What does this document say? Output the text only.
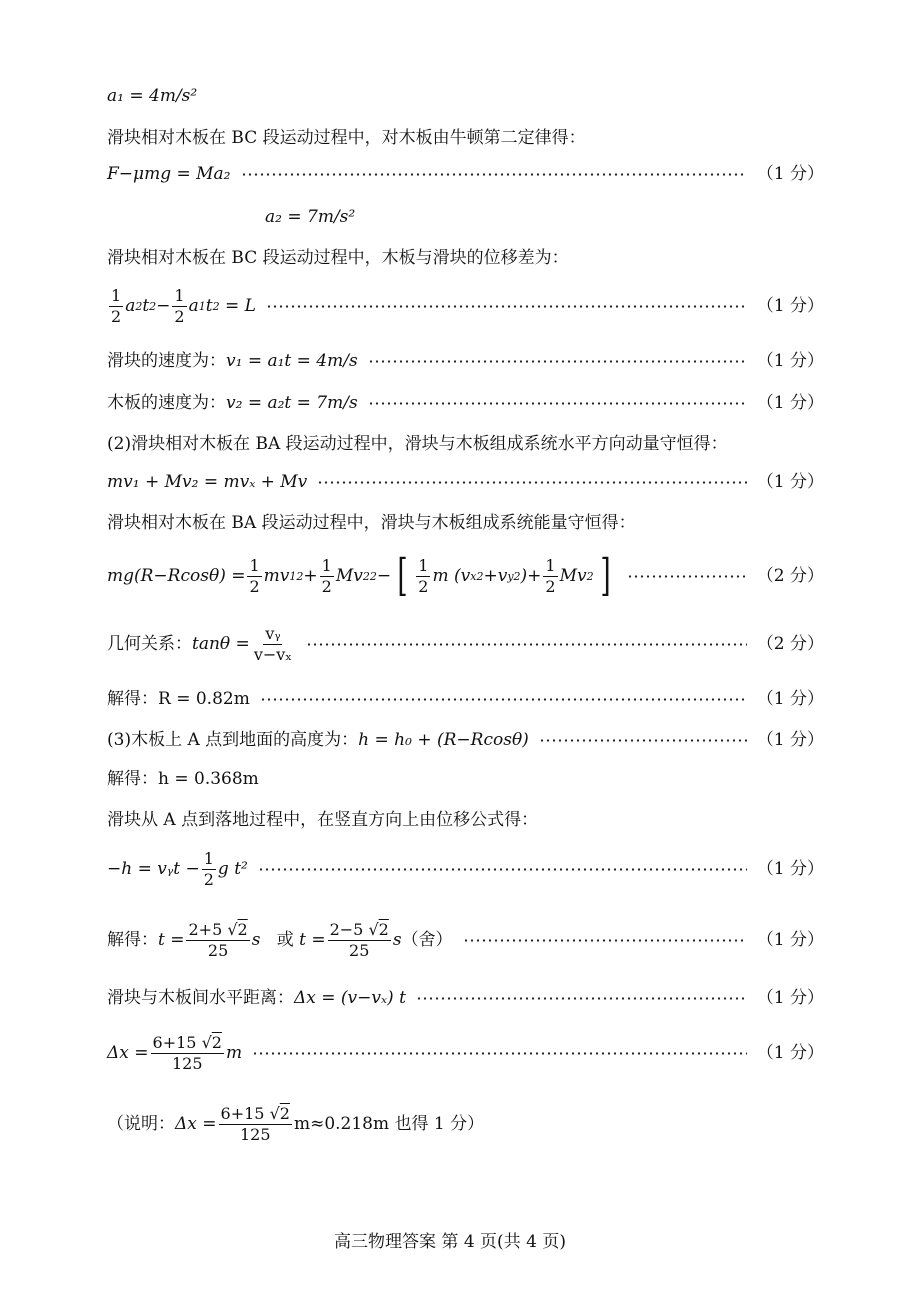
a₁ = 4m/s²
滑块相对木板在 BC 段运动过程中，对木板由牛顿第二定律得：
F−μmg = Ma₂	（1 分）
a₂ = 7m/s²
滑块相对木板在 BC 段运动过程中，木板与滑块的位移差为：
$\frac{1}{2}$ a 2 t $2 - \frac{1}{2}$ a 1 t 2
= L	（1 分）
滑块的速度为： v₁ = a₁t = 4m/s	（1 分）
木板的速度为： v₂ = a₂t = 7m/s	（1 分）
(2)滑块相对木板在 BA 段运动过程中，滑块与木板组成系统水平方向动量守恒得：
mv₁ + Mv₂ = mvₓ + Mv	（1 分）
滑块相对木板在 BA 段运动过程中，滑块与木板组成系统能量守恒得：
$mg(R-Rcos\theta) = \frac{1}{2}$ mv 1 $2 + \frac{1}{2}$ Mv 2 2 − [ $\frac{1}{2}$ m (v x 2 +v y 2 )+ $\frac{1}{2}$ Mv 2 ]	（2 分）
几何关系： $\tan\theta = \frac{\text{vᵧ}}{\text{v−vₓ}}$	（2 分）
解得：R = 0.82m	（1 分）
(3)木板上 A 点到地面的高度为： h = h₀ + (R−Rcosθ)	（1 分）
解得：h = 0.368m
滑块从 A 点到落地过程中，在竖直方向上由位移公式得：
−h = vᵧt − $\frac{1}{2}$ g t²	（1 分）
解得： $t = \frac{2+5 √2}{25}$ s
或
$t = \frac{2-5 √2}{25}$ s （舍）	（1 分）
滑块与木板间水平距离： Δx = (v−vₓ) t	（1 分）
$\Delta x = \frac{6+15 √2}{125}$ m	（1 分）
（说明： $\Delta x = \frac{6+15 √2}{125} m\approx 0.218m$ 也得 1 分）
高三物理答案 第 4 页(共 4 页)
